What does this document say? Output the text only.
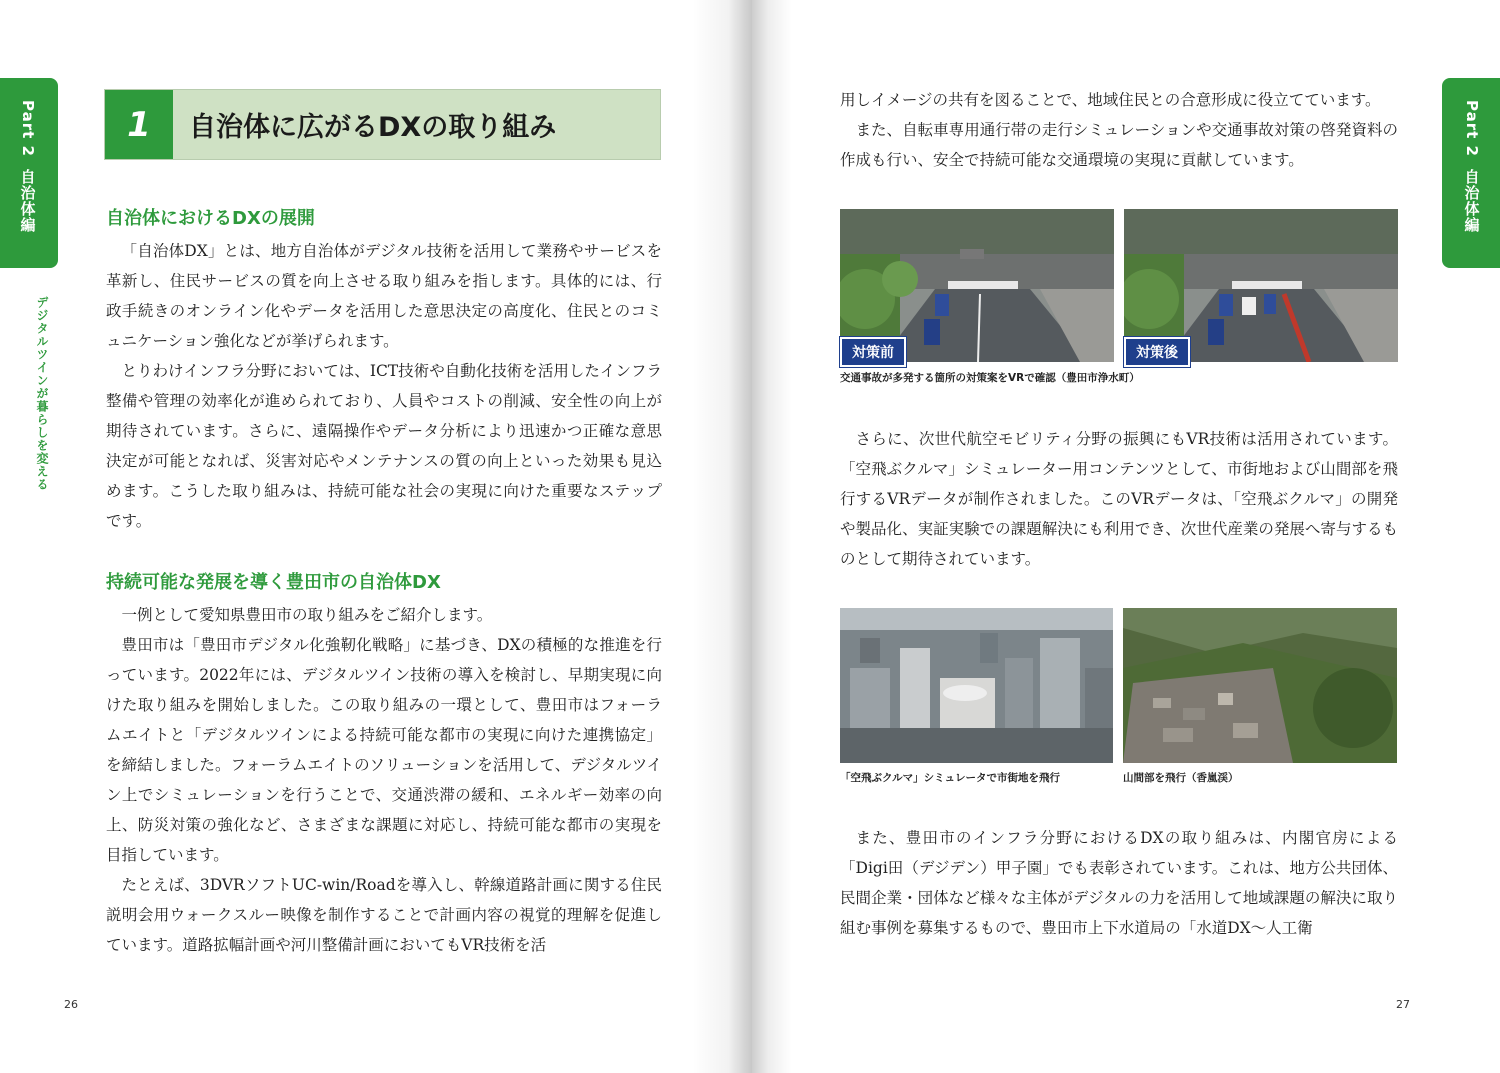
Part 2
自治体編
デジタルツインが暮らしを変える
1	自治体に広がるDXの取り組み
自治体におけるDXの展開

「自治体DX」とは、地方自治体がデジタル技術を活用して業務やサービスを革新し、住民サービスの質を向上させる取り組みを指します。具体的には、行政手続きのオンライン化やデータを活用した意思決定の高度化、住民とのコミュニケーション強化などが挙げられます。

とりわけインフラ分野においては、ICT技術や自動化技術を活用したインフラ整備や管理の効率化が進められており、人員やコストの削減、安全性の向上が期待されています。さらに、遠隔操作やデータ分析により迅速かつ正確な意思決定が可能となれば、災害対応やメンテナンスの質の向上といった効果も見込めます。こうした取り組みは、持続可能な社会の実現に向けた重要なステップです。

持続可能な発展を導く豊田市の自治体DX

一例として愛知県豊田市の取り組みをご紹介します。

豊田市は「豊田市デジタル化強靭化戦略」に基づき、DXの積極的な推進を行っています。2022年には、デジタルツイン技術の導入を検討し、早期実現に向けた取り組みを開始しました。この取り組みの一環として、豊田市はフォーラムエイトと「デジタルツインによる持続可能な都市の実現に向けた連携協定」を締結しました。フォーラムエイトのソリューションを活用して、デジタルツイン上でシミュレーションを行うことで、交通渋滞の緩和、エネルギー効率の向上、防災対策の強化など、さまざまな課題に対応し、持続可能な都市の実現を目指しています。

たとえば、3DVRソフトUC-win/Roadを導入し、幹線道路計画に関する住民説明会用ウォークスルー映像を制作することで計画内容の視覚的理解を促進しています。道路拡幅計画や河川整備計画においてもVR技術を活

26
Part 2
自治体編
27

用しイメージの共有を図ることで、地域住民との合意形成に役立てています。

また、自転車専用通行帯の走行シミュレーションや交通事故対策の啓発資料の作成も行い、安全で持続可能な交通環境の実現に貢献しています。

対策前	対策後
交通事故が多発する箇所の対策案をVRで確認（豊田市浄水町）

さらに、次世代航空モビリティ分野の振興にもVR技術は活用されています。「空飛ぶクルマ」シミュレーター用コンテンツとして、市街地および山間部を飛行するVRデータが制作されました。このVRデータは、「空飛ぶクルマ」の開発や製品化、実証実験での課題解決にも利用でき、次世代産業の発展へ寄与するものとして期待されています。

「空飛ぶクルマ」シミュレータで市街地を飛行	山間部を飛行（香嵐渓）

また、豊田市のインフラ分野におけるDXの取り組みは、内閣官房による「Digi田（デジデン）甲子園」でも表彰されています。これは、地方公共団体、民間企業・団体など様々な主体がデジタルの力を活用して地域課題の解決に取り組む事例を募集するもので、豊田市上下水道局の「水道DX〜人工衛
